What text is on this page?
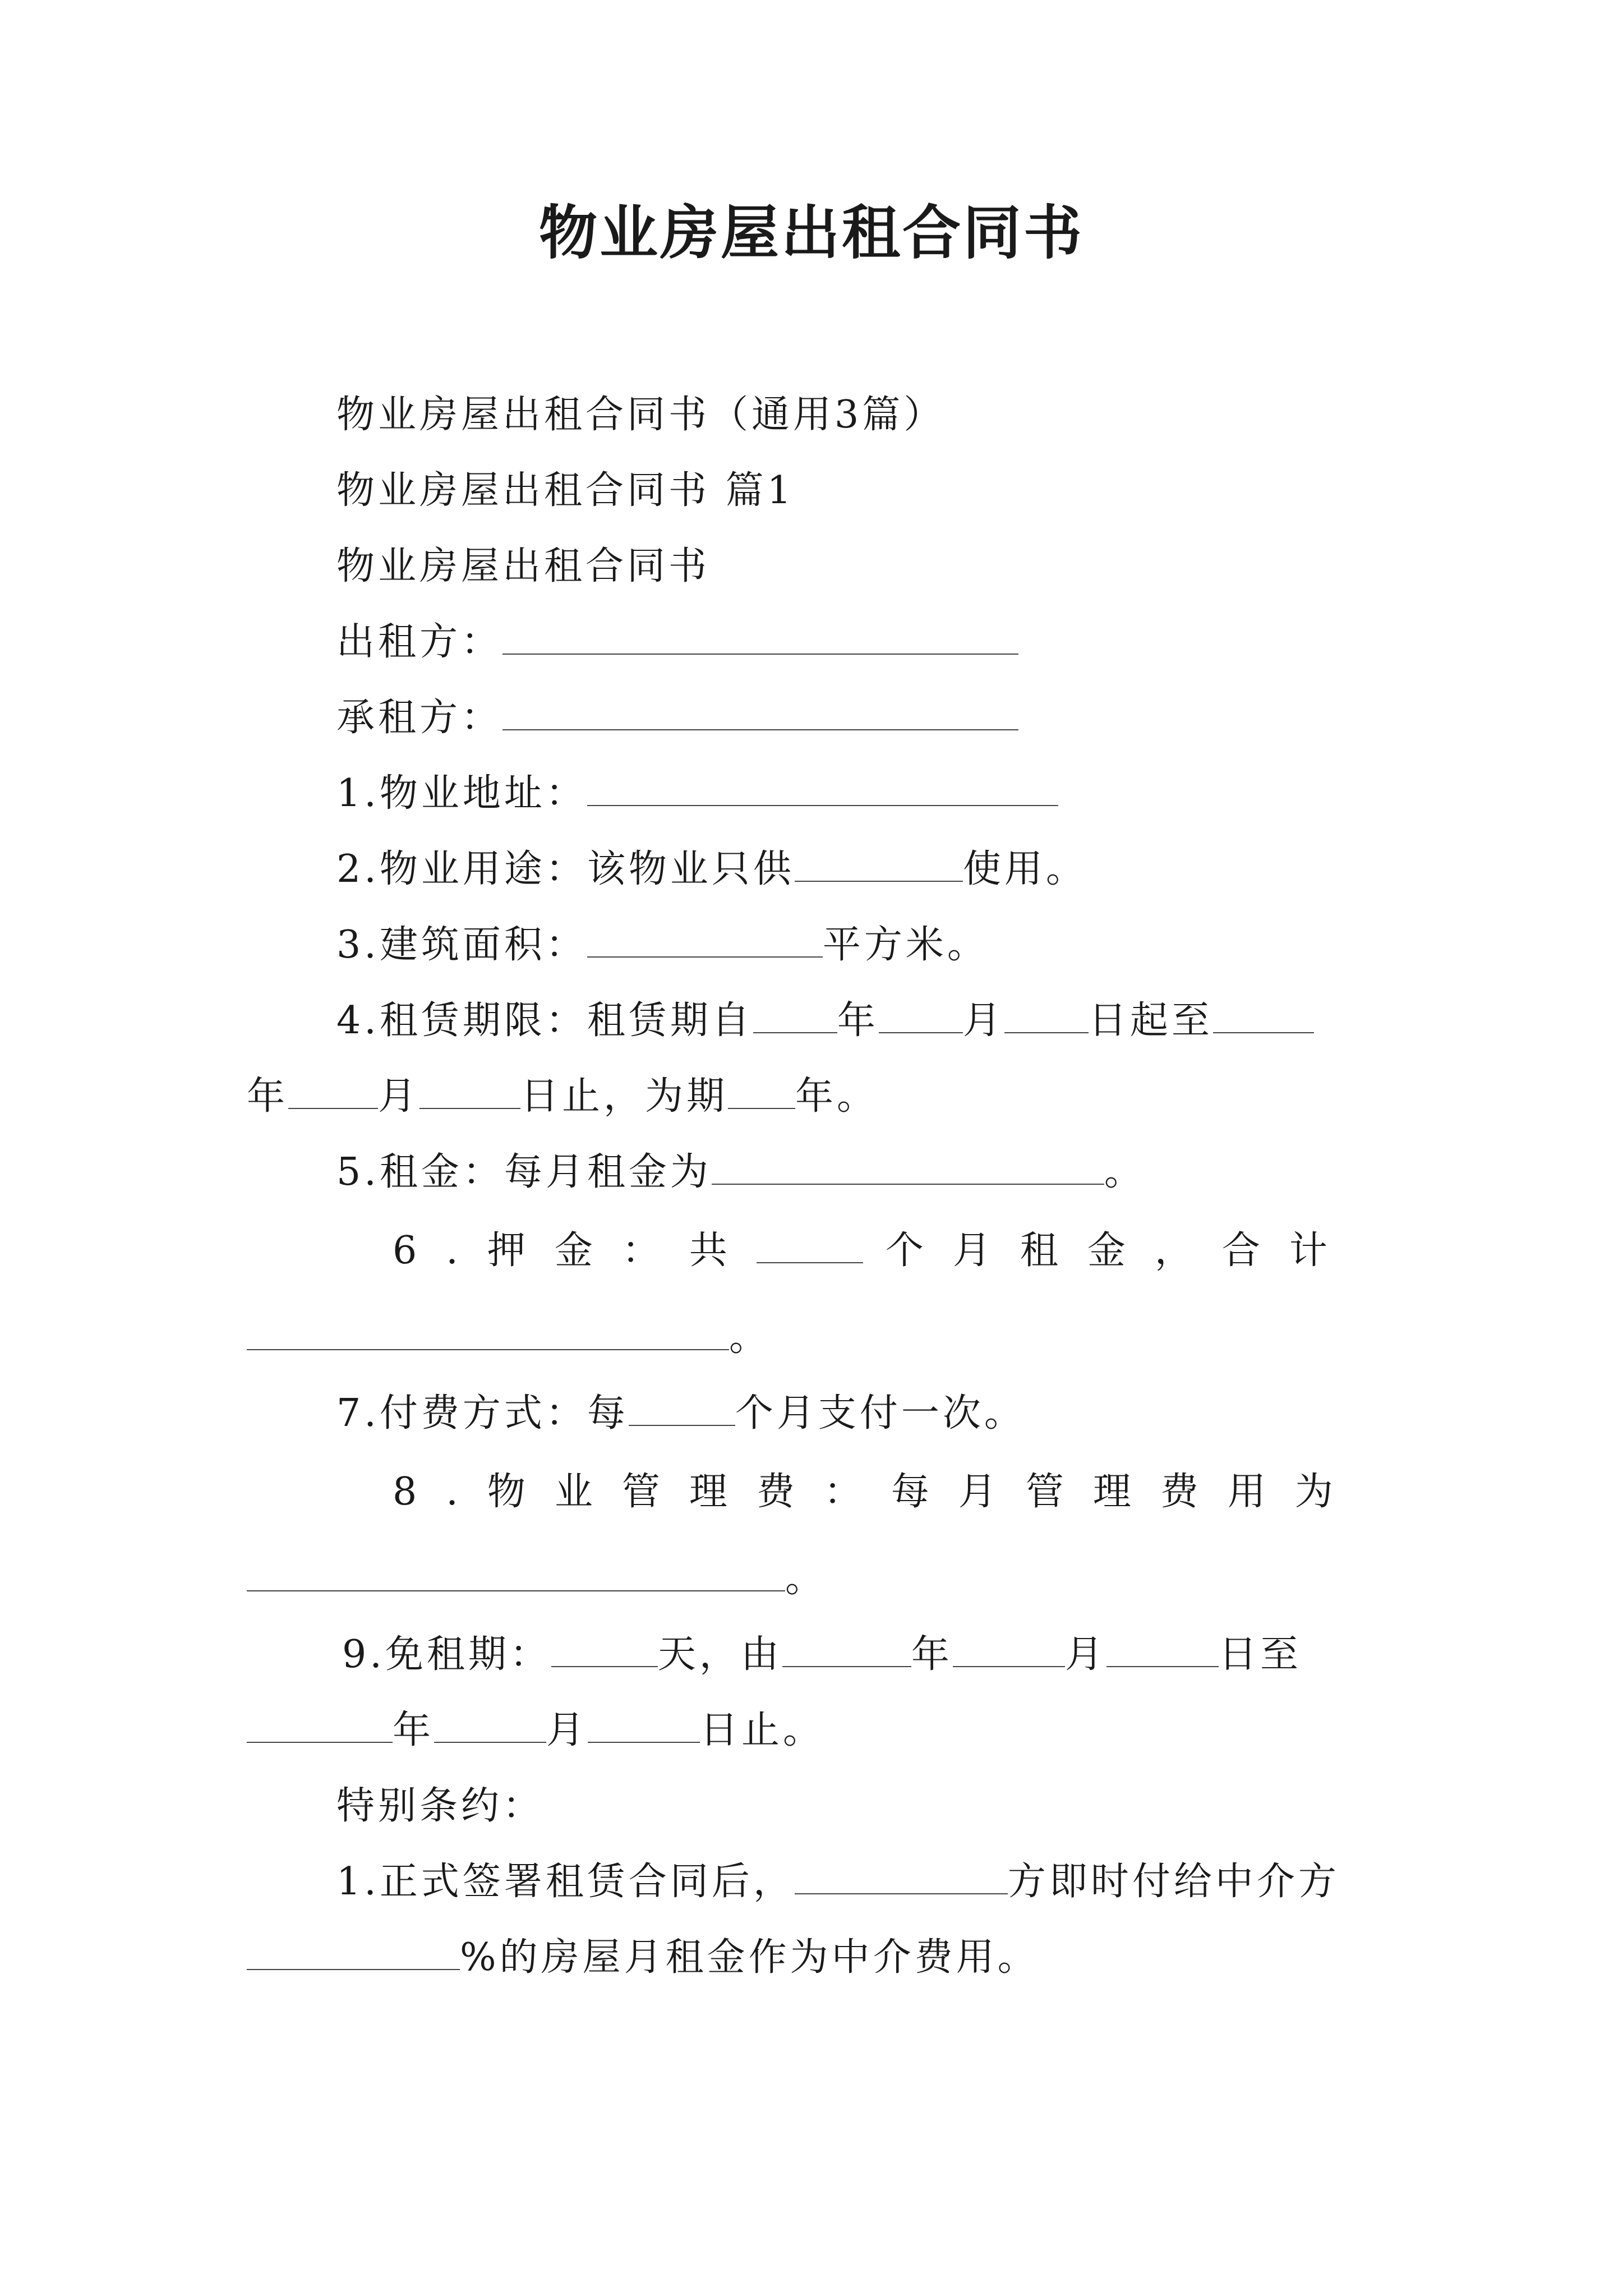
物业房屋出租合同书
物业房屋出租合同书（通用3篇）
物业房屋出租合同书 篇1
物业房屋出租合同书
出租方：
承租方：
1.物业地址：
2.物业用途：该物业只供	使用。
3.建筑面积：	平方米。
4.租赁期限：租赁期自 年 月 日起至
年 月	日止，为期 年。
5.租金：每月租金为	。
6.押金：共	个月租金，合计
。
7.付费方式：每	个月支付一次。
8.物业管理费：每月管理费用为
。
9.免租期：	天，由	年	月	日至
年	月	日止。
特别条约：
1.正式签署租赁合同后，	方即时付给中介方
%的房屋月租金作为中介费用。
